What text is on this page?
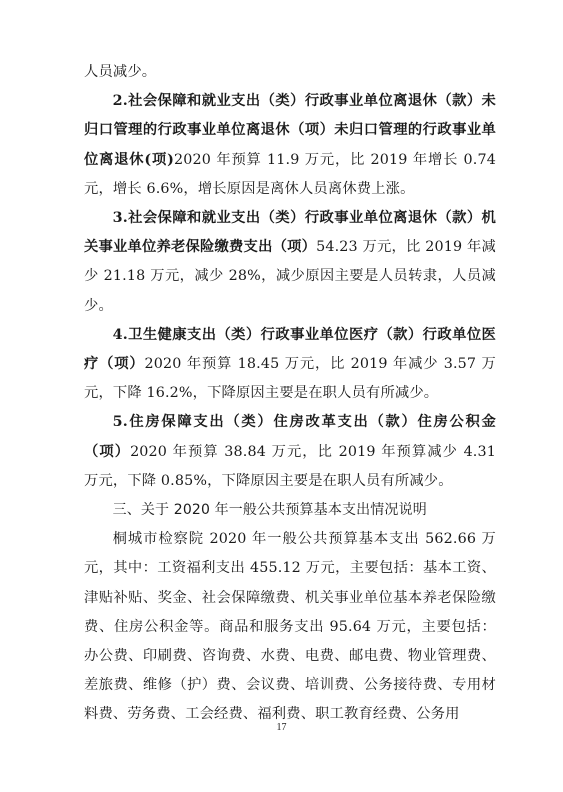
人员减少。

2.社会保障和就业支出（类）行政事业单位离退休（款）未归口管理的行政事业单位离退休（项）未归口管理的行政事业单位离退休(项)2020 年预算 11.9 万元，比 2019 年增长 0.74 元，增长 6.6%，增长原因是离休人员离休费上涨。

3.社会保障和就业支出（类）行政事业单位离退休（款）机关事业单位养老保险缴费支出（项）54.23 万元，比 2019 年减少 21.18 万元，减少 28%，减少原因主要是人员转隶，人员减少。

4.卫生健康支出（类）行政事业单位医疗（款）行政单位医疗（项）2020 年预算 18.45 万元，比 2019 年减少 3.57 万元，下降 16.2%，下降原因主要是在职人员有所减少。

5.住房保障支出（类）住房改革支出（款）住房公积金（项）2020 年预算 38.84 万元，比 2019 年预算减少 4.31 万元，下降 0.85%，下降原因主要是在职人员有所减少。

三、关于 2020 年一般公共预算基本支出情况说明

桐城市检察院 2020 年一般公共预算基本支出 562.66 万元，其中：工资福利支出 455.12 万元，主要包括：基本工资、津贴补贴、奖金、社会保障缴费、机关事业单位基本养老保险缴费、住房公积金等。商品和服务支出 95.64 万元，主要包括：办公费、印刷费、咨询费、水费、电费、邮电费、物业管理费、差旅费、维修（护）费、会议费、培训费、公务接待费、专用材料费、劳务费、工会经费、福利费、职工教育经费、公务用

17
